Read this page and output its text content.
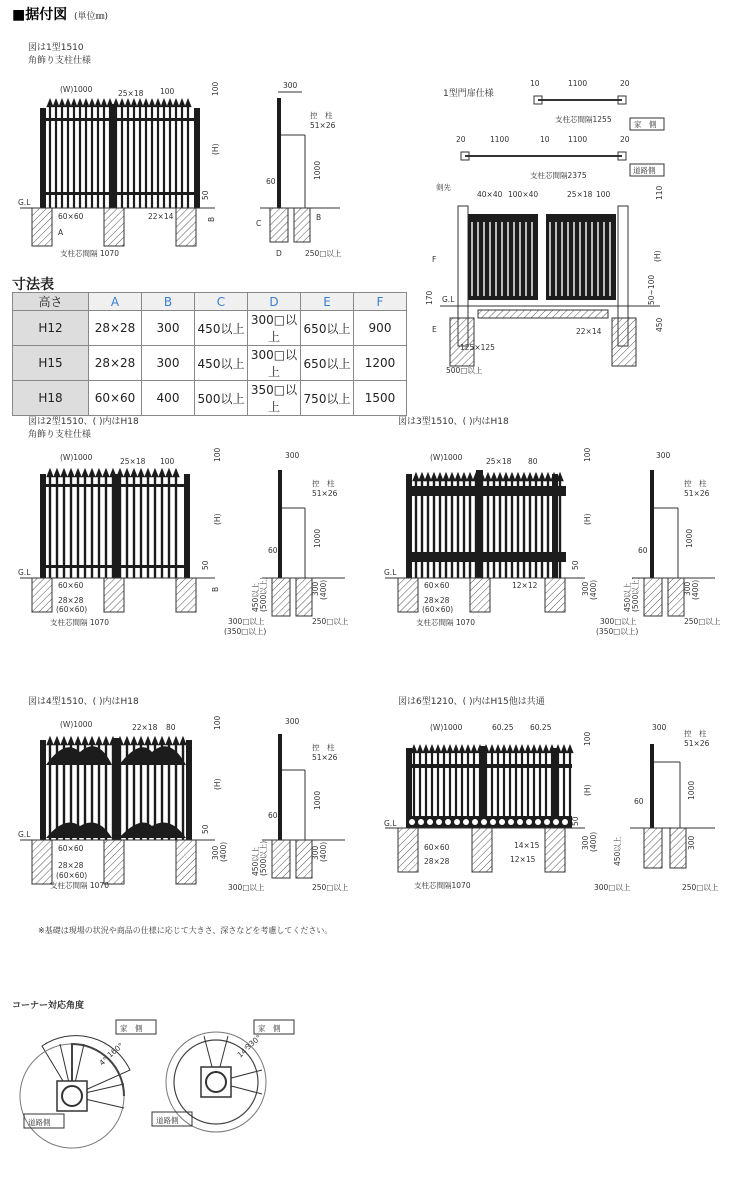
■据付図 (単位㎜)
図は1型1510
角飾り支柱仕様
(W)1000	25×18 100	100
(H)
G.L
60×60	22×14
A
支柱芯間隔 1070
B
50
300
控　柱
51×26
1000
60
C
B
D	250□以上
1型門扉仕様
10	1100	20
支柱芯間隔1255
家　側
20	1100	10 1100	20
支柱芯間隔2375
道路側
剣先
40×40 100×40	25×18 100	110
F	(H)
50~100
170 G.L
E	450
22×14
125×125
500□以上
図は2型1510、( )内はH18
角飾り支柱仕様
(W)1000	25×18 100	100
(H)
G.L
60×60
28×28
(60×60)
支柱芯間隔 1070
50
B
300
控　柱
51×26
1000
60
450以上 (500以上)	300 (400)
300□以上
(350□以上)
250□以上
図は3型1510、( )内はH18
(W)1000	25×18 80	100
(H)
G.L
60×60	12×12
28×28
(60×60)
支柱芯間隔 1070
50
300 (400)
300
控　柱
51×26
1000
60
450以上 (500以上)	300 (400)
300□以上
(350□以上)
250□以上
図は4型1510、( )内はH18
(W)1000	22×18 80	100
(H)
G.L
60×60
28×28
(60×60)
支柱芯間隔 1070
50
300 (400)
300
控　柱
51×26
1000
60
450以上 (500以上)	300 (400)
300□以上	250□以上
図は6型1210、( )内はH15他は共通
(W)1000	60.25 60.25
100
(H)
G.L
60×60
28×28
14×15
12×15
支柱芯間隔1070
50
300 (400)
300
控　柱
51×26
1000
60
450以上	300
300□以上	250□以上
コーナー対応角度
家　側
160°
4°
道路側
家　側
330°
14°
道路側
寸法表
高さ	A	B	C	D	E	F
H12	28×28	300	450以上	300□以上	650以上	900
H15	28×28	300	450以上	300□以上	650以上	1200
H18	60×60	400	500以上	350□以上	750以上	1500
※基礎は現場の状況や商品の仕様に応じて大きさ、深さなどを考慮してください。
